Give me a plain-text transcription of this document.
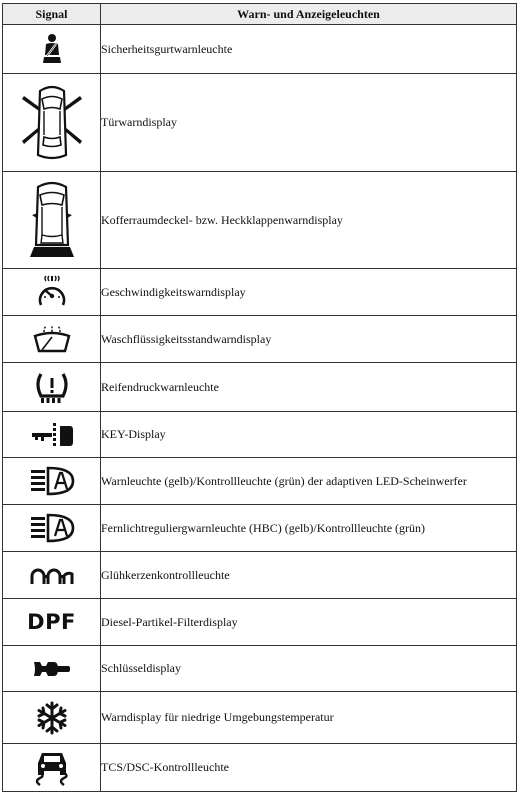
Signal	Warn- und Anzeigeleuchten

	Sicherheitsgurtwarnleuchte

	Türwarndisplay

	Kofferraumdeckel- bzw. Heckklappenwarndisplay

	Geschwindigkeitswarndisplay

	Waschflüssigkeitsstandwarndisplay

	Reifendruckwarnleuchte

	KEY-Display

	Warnleuchte (gelb)/Kontrollleuchte (grün) der adaptiven LED-Scheinwerfer

	Fernlichtreguliergwarnleuchte (HBC) (gelb)/Kontrollleuchte (grün)

	Glühkerzenkontrollleuchte
DPF	Diesel-Partikel-Filterdisplay

	Schlüsseldisplay

	Warndisplay für niedrige Umgebungstemperatur

	TCS/DSC-Kontrollleuchte
